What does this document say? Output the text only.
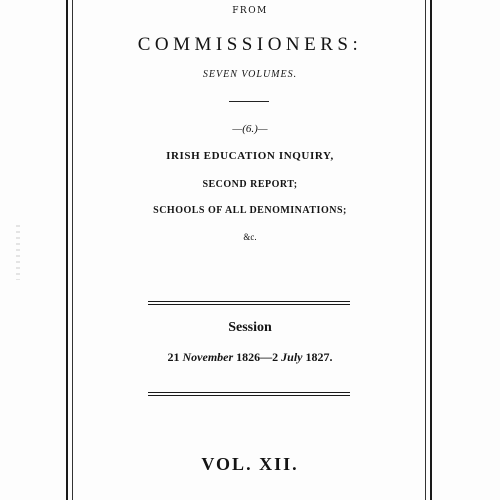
FROM
COMMISSIONERS:
SEVEN VOLUMES.
—(6.)—
IRISH EDUCATION INQUIRY,
SECOND REPORT;
SCHOOLS OF ALL DENOMINATIONS;
&c.
Session
21 November 1826—2 July 1827.
VOL. XII.
